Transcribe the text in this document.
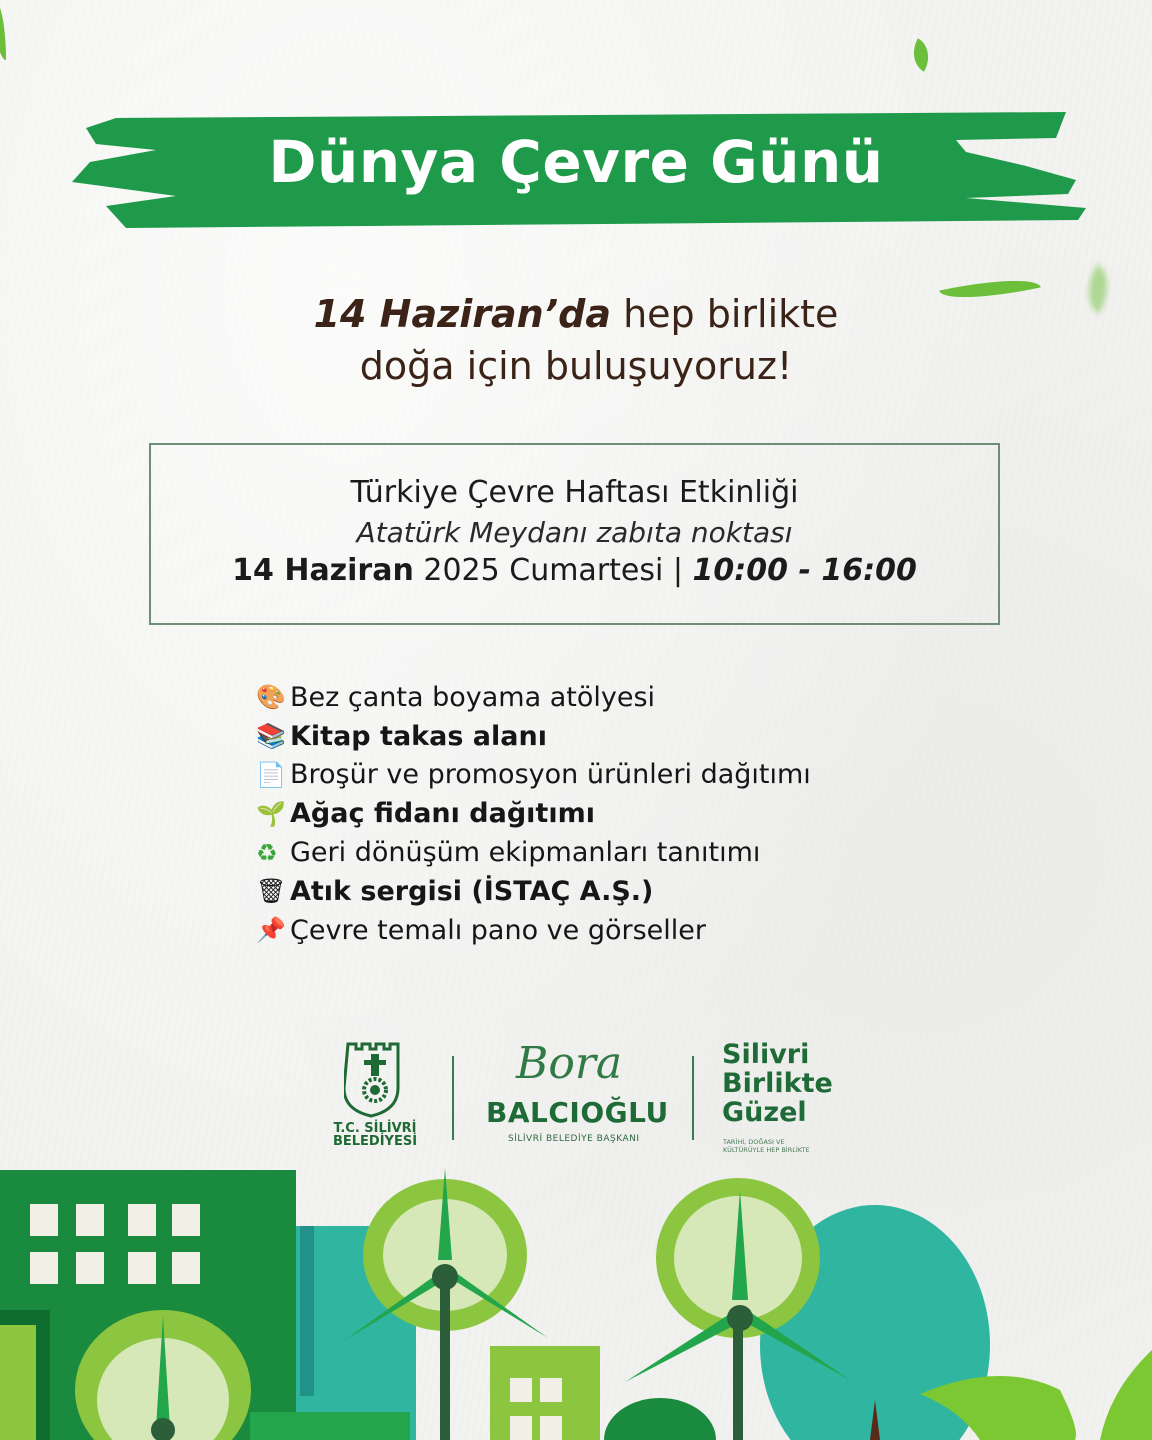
Dünya Çevre Günü
14 Haziran’da hep birlikte
doğa için buluşuyoruz!
Türkiye Çevre Haftası Etkinliği
Atatürk Meydanı zabıta noktası
14 Haziran 2025 Cumartesi | 10:00 - 16:00
🎨 Bez çanta boyama atölyesi
📚 Kitap takas alanı
📄 Broşür ve promosyon ürünleri dağıtımı
🌱 Ağaç fidanı dağıtımı
♻ Geri dönüşüm ekipmanları tanıtımı
🗑 Atık sergisi (İSTAÇ A.Ş.)
📌 Çevre temalı pano ve görseller
T.C. SİLİVRİ
BELEDİYESİ
Bora
BALCIOĞLU
SİLİVRİ BELEDİYE BAŞKANI
Silivri
Birlikte
Güzel
TARİHİ, DOĞASI VE
KÜLTÜRÜYLE HEP BİRLİKTE
